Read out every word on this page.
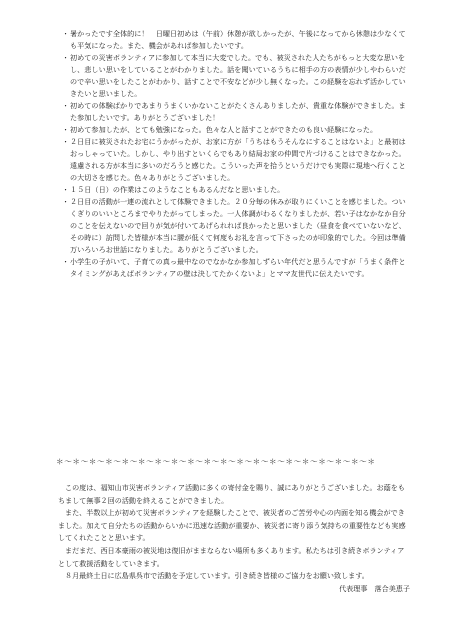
・ 暑かったです全体的に！　日曜日初めは（午前）休憩が欲しかったが、午後になってから休憩は少なくても平気になった。また、機会があれば参加したいです。
・ 初めての災害ボランティアに参加して本当に大変でした。でも、被災された人たちがもっと大変な思いをし、悲しい思いをしていることがわかりました。話を聞いているうちに相手の方の表情が少しやわらいだので辛い思いをしたことがわかり、話すことで不安などが少し無くなった。この経験を忘れず活かしていきたいと思いました。
・ 初めての体験ばかりであまりうまくいかないことがたくさんありましたが、貴重な体験ができました。また参加したいです。ありがとうございました！
・ 初めて参加したが、とても勉強になった。色々な人と話すことができたのも良い経験になった。
・ ２日目に被災されたお宅にうかがったが、お家に方が「うちはもうそんなにすることはないよ」と最初はおっしゃっていた。しかし、やり出すといくらでもあり結局お家の仲間で片づけることはできなかった。遠慮される方が本当に多いのだろうと感じた。こういった声を拾うというだけでも実際に現地へ行くことの大切さを感じた。色々ありがとうございました。
・ １５日（日）の作業はこのようなこともあるんだなと思いました。
・ ２日目の活動が一連の流れとして体験できました。２０分毎の休みが取りにくいことを感じました。ついくぎりのいいところまでやりたがってしまった。一人体調がわるくなりましたが、若い子はなかなか自分のことを伝えないので回りが気が付いてあげられれば良かったと思いました（昼食を食べていないなど、その時に）訪問した皆様が本当に腰が低くて何度もお礼を言って下さったのが印象的でした。今回は準備万いろいろお世話になりました。ありがとうございました。
・ 小学生の子がいて、子育ての真っ最中なのでなかなか参加しずらい年代だと思うんですが「うまく条件とタイミングがあえばボランティアの壁は決してたかくないよ」とママ友世代に伝えたいです。
＊～＊～＊～＊～＊～＊～＊～＊～＊～＊～＊～＊～＊～＊～＊～＊～＊～＊～＊～＊

この度は、福知山市災害ボランティア活動に多くの寄付金を賜り、誠にありがとうございました。お蔭をもちまして無事２回の活動を終えることができました。

また、半数以上が初めて災害ボランティアを経験したことで、被災者のご苦労や心の内面を知る機会ができました。加えて自分たちの活動からいかに迅速な活動が重要か、被災者に寄り添う気持ちの重要性なども実感してくれたことと思います。

まだまだ、西日本豪雨の被災地は復旧がままならない場所も多くあります。私たちは引き続きボランティアとして救援活動をしていきます。

８月最終土日に広島県呉市で活動を予定しています。引き続き皆様のご協力をお願い致します。

代表理事　落合美恵子
